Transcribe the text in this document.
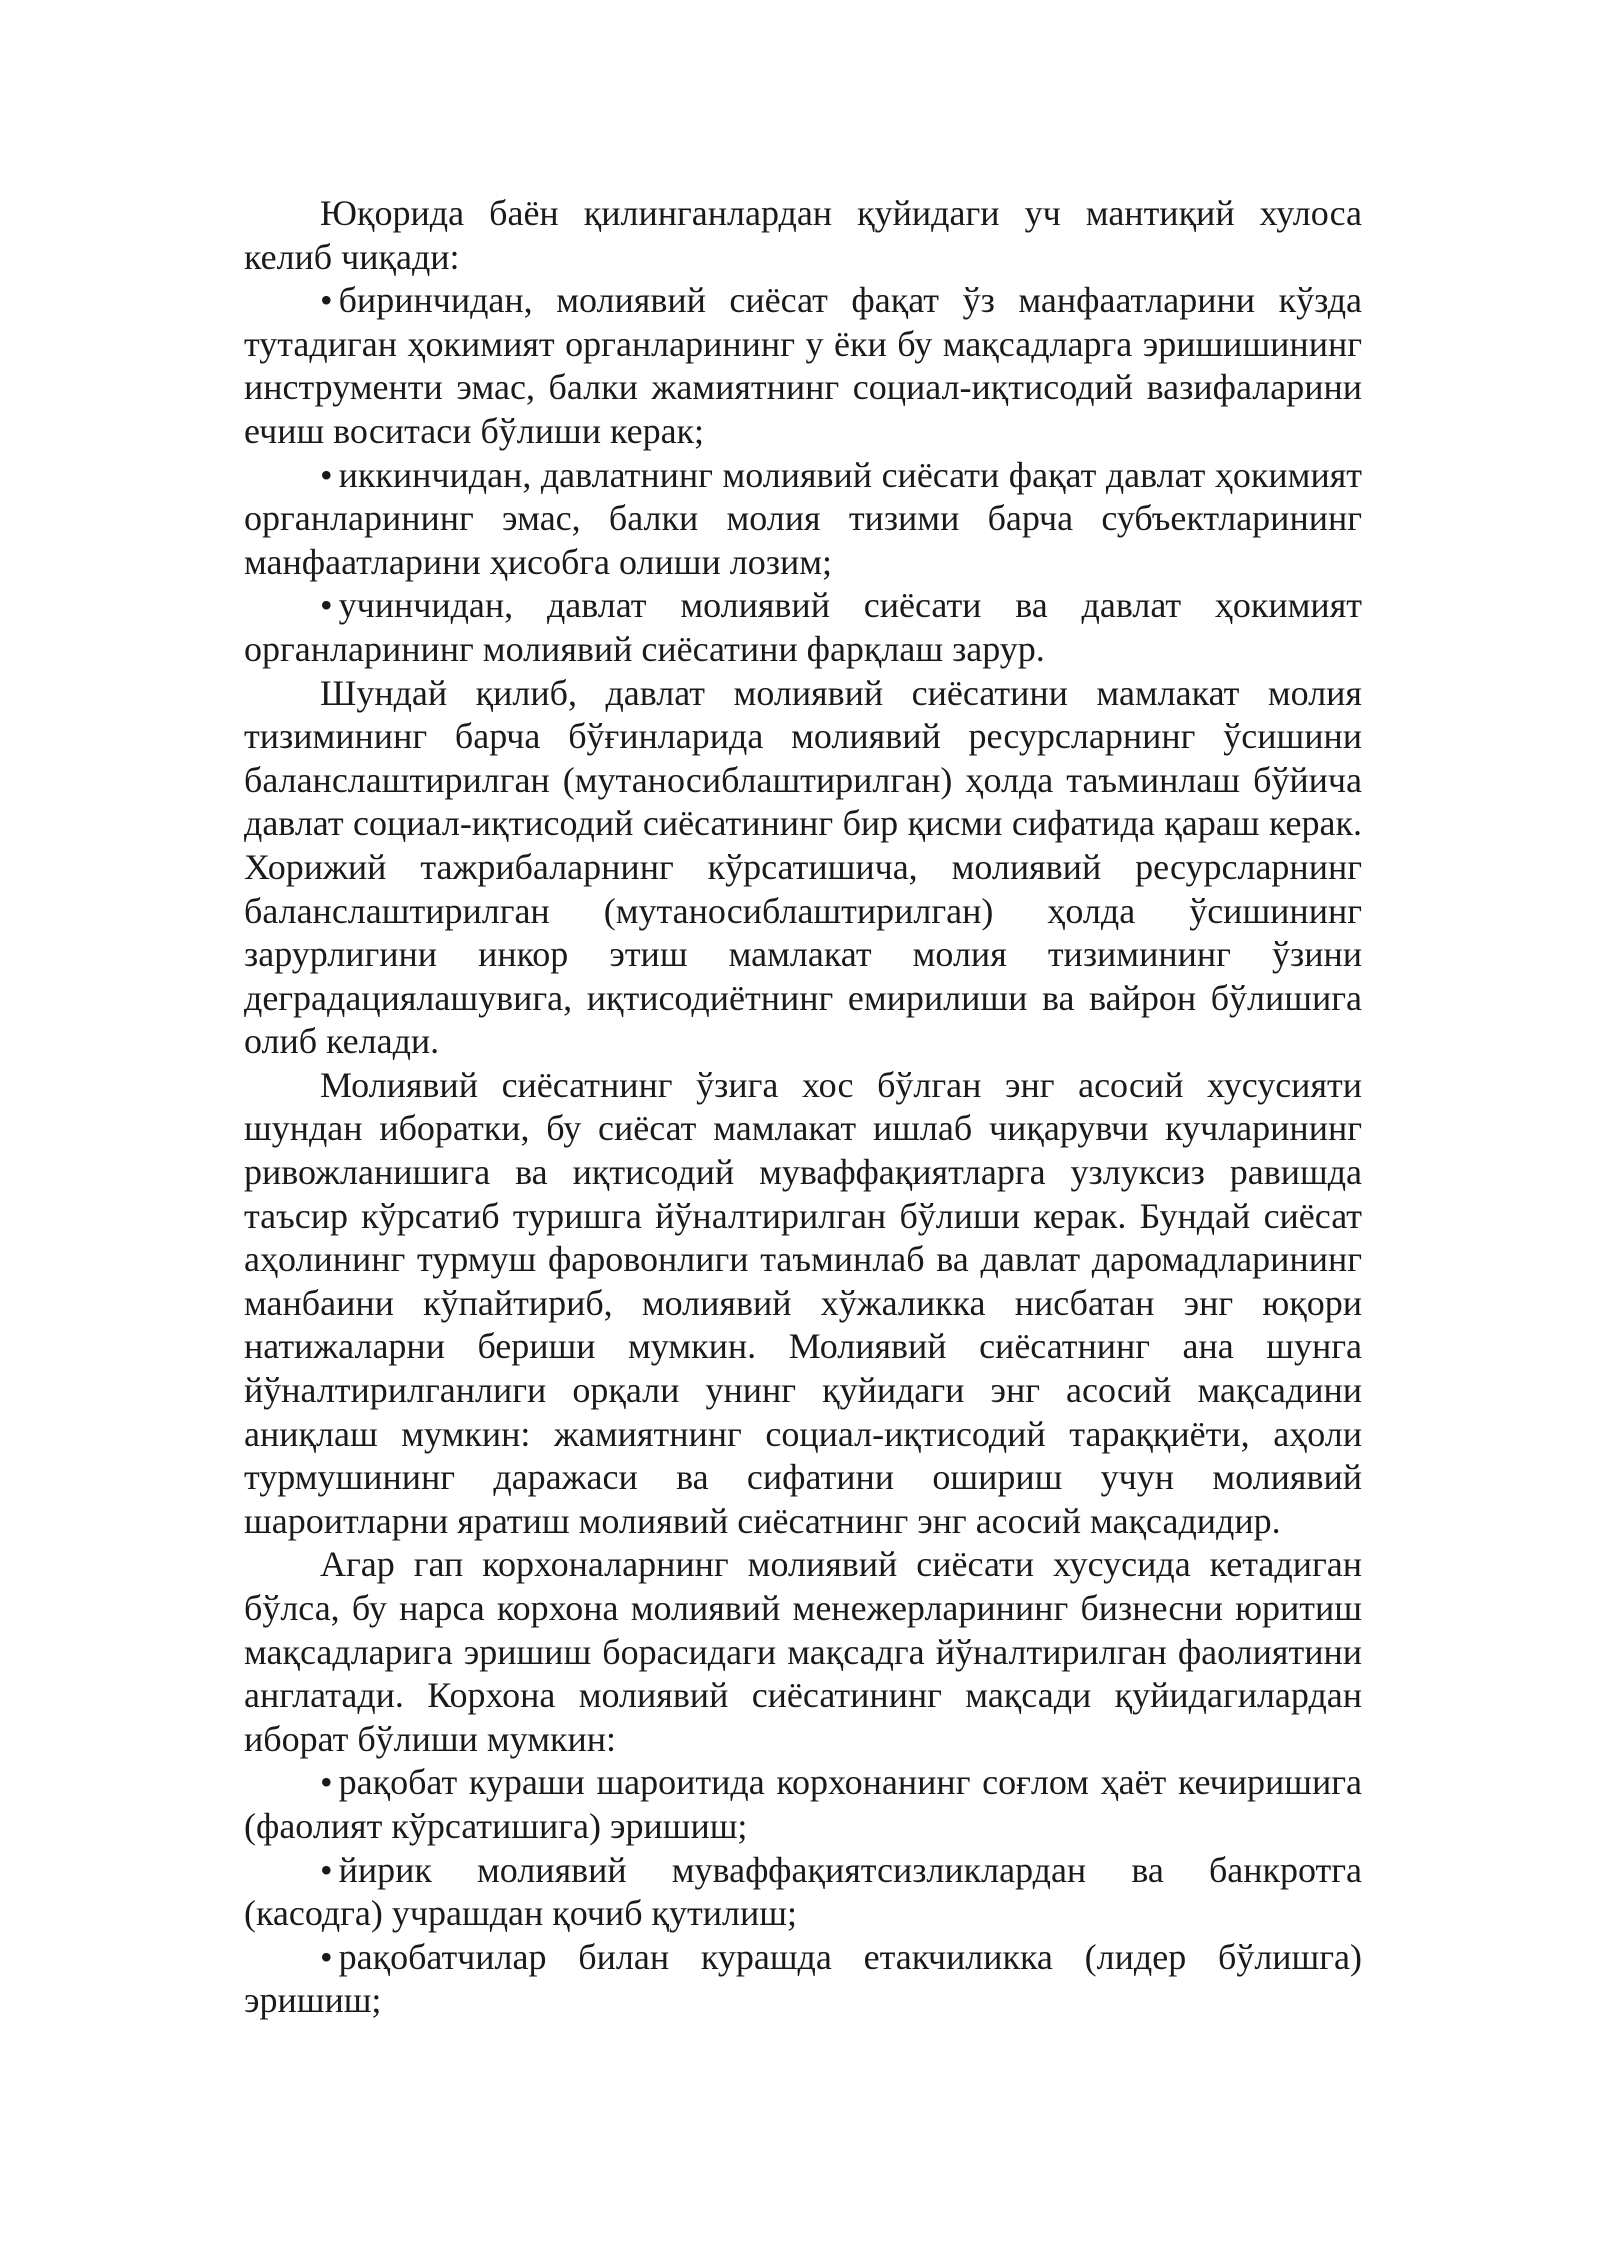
Юқорида баён қилинганлардан қуйидаги уч мантиқий хулоса келиб чиқади:

• биринчидан, молиявий сиёсат фақат ўз манфаатларини кўзда тутадиган ҳокимият органларининг у ёки бу мақсадларга эришишининг инструменти эмас, балки жамиятнинг социал-иқтисодий вазифаларини ечиш воситаси бўлиши керак;

• иккинчидан, давлатнинг молиявий сиёсати фақат давлат ҳокимият органларининг эмас, балки молия тизими барча субъектларининг манфаатларини ҳисобга олиши лозим;

• учинчидан, давлат молиявий сиёсати ва давлат ҳокимият органларининг молиявий сиёсатини фарқлаш зарур.

Шундай қилиб, давлат молиявий сиёсатини мамлакат молия тизимининг барча бўғинларида молиявий ресурсларнинг ўсишини баланслаштирилган (мутаносиблаштирилган) ҳолда таъминлаш бўйича давлат социал-иқтисодий сиёсатининг бир қисми сифатида қараш керак. Хорижий тажрибаларнинг кўрсатишича, молиявий ресурсларнинг баланслаштирилган (мутаносиблаштирилган) ҳолда ўсишининг зарурлигини инкор этиш мамлакат молия тизимининг ўзини деградациялашувига, иқтисодиётнинг емирилиши ва вайрон бўлишига олиб келади.

Молиявий сиёсатнинг ўзига хос бўлган энг асосий хусусияти шундан иборатки, бу сиёсат мамлакат ишлаб чиқарувчи кучларининг ривожланишига ва иқтисодий муваффақиятларга узлуксиз равишда таъсир кўрсатиб туришга йўналтирилган бўлиши керак. Бундай сиёсат аҳолининг турмуш фаровонлиги таъминлаб ва давлат даромадларининг манбаини кўпайтириб, молиявий хўжаликка нисбатан энг юқори натижаларни бериши мумкин. Молиявий сиёсатнинг ана шунга йўналтирилганлиги орқали унинг қуйидаги энг асосий мақсадини аниқлаш мумкин: жамиятнинг социал-иқтисодий тараққиёти, аҳоли турмушининг даражаси ва сифатини ошириш учун молиявий шароитларни яратиш молиявий сиёсатнинг энг асосий мақсадидир.

Агар гап корхоналарнинг молиявий сиёсати хусусида кетадиган бўлса, бу нарса корхона молиявий менежерларининг бизнесни юритиш мақсадларига эришиш борасидаги мақсадга йўналтирилган фаолиятини англатади. Корхона молиявий сиёсатининг мақсади қуйидагилардан иборат бўлиши мумкин:

• рақобат кураши шароитида корхонанинг соғлом ҳаёт кечиришига (фаолият кўрсатишига) эришиш;

• йирик молиявий муваффақиятсизликлардан ва банкротга (касодга) учрашдан қочиб қутилиш;

• рақобатчилар билан курашда етакчиликка (лидер бўлишга) эришиш;
